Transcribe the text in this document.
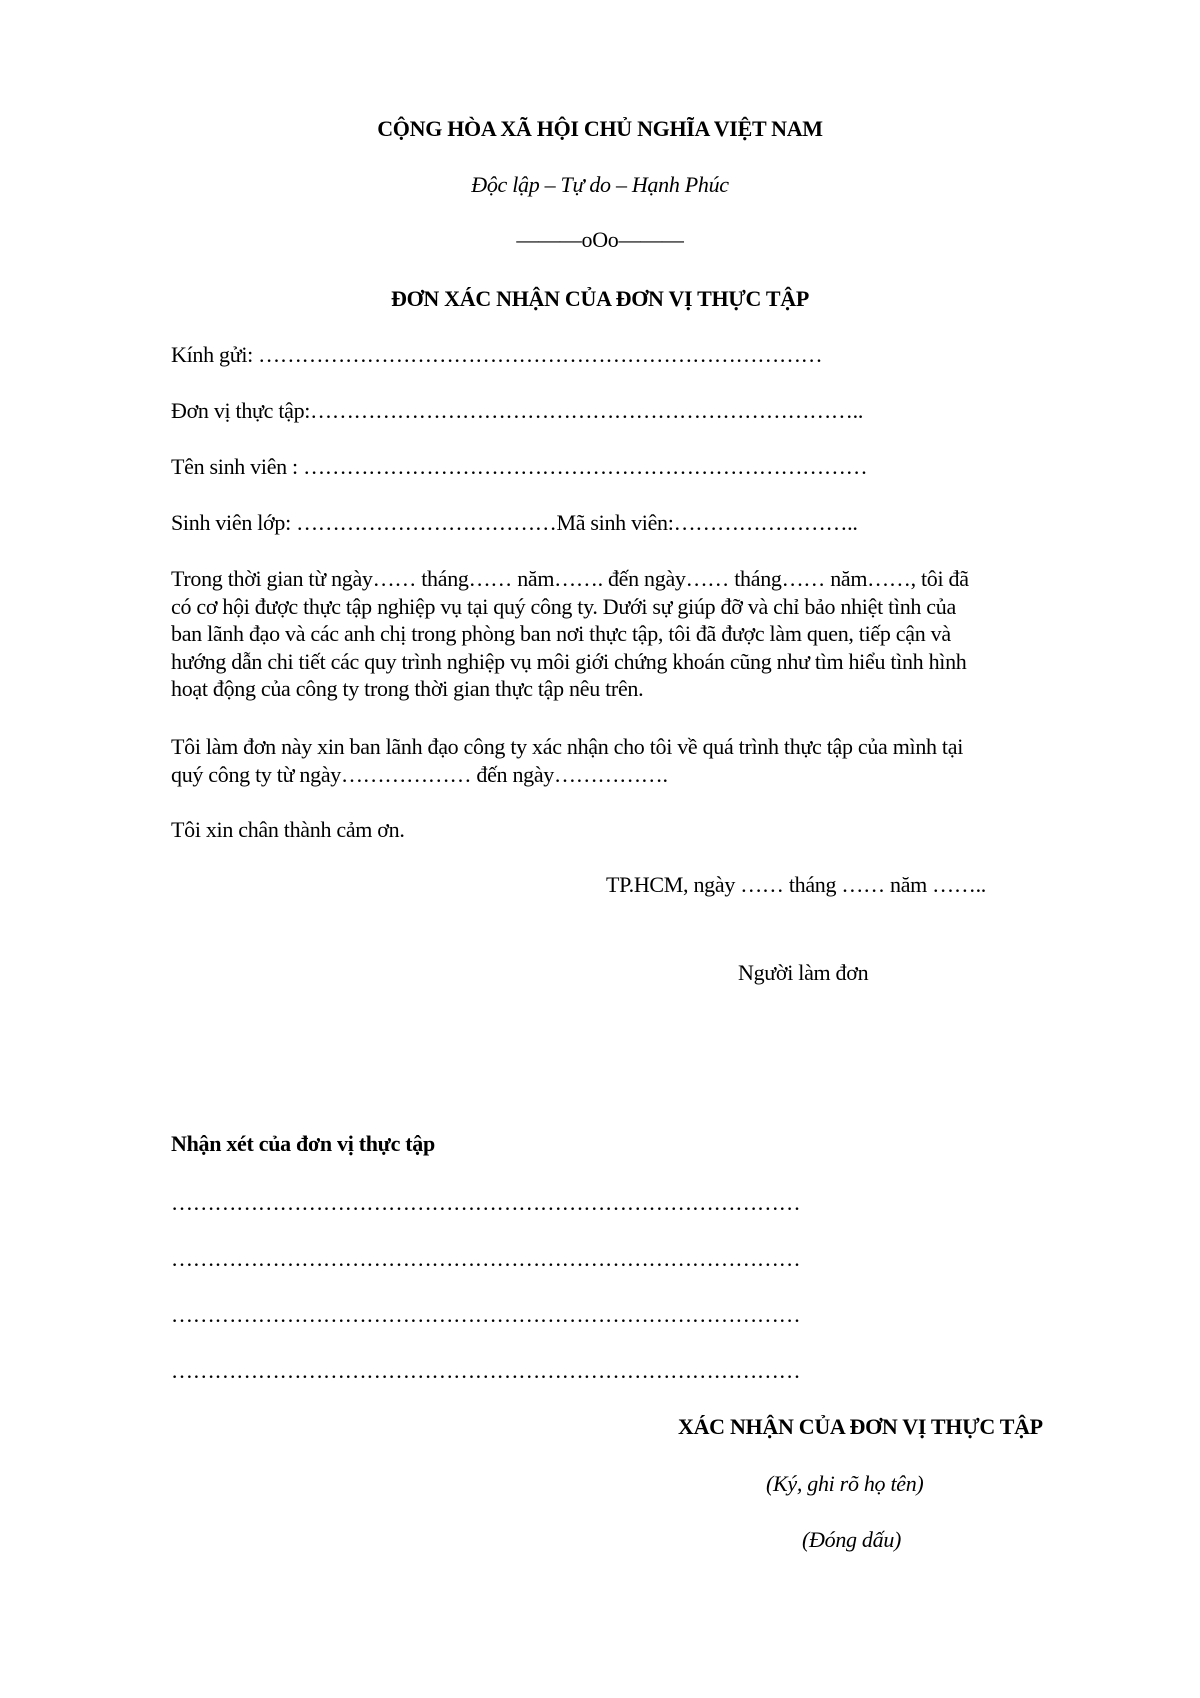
CỘNG HÒA XÃ HỘI CHỦ NGHĨA VIỆT NAM
Độc lập – Tự do – Hạnh Phúc
———oOo———
ĐƠN XÁC NHẬN CỦA ĐƠN VỊ THỰC TẬP
Kính gửi: ……………………………………………………………………
Đơn vị thực tập:…………………………………………………………………..
Tên sinh viên : ……………………………………………………………………
Sinh viên lớp: ………………………………Mã sinh viên:……………………..
Trong thời gian từ ngày…… tháng…… năm……. đến ngày…… tháng…… năm……, tôi đã
có cơ hội được thực tập nghiệp vụ tại quý công ty. Dưới sự giúp đỡ và chỉ bảo nhiệt tình của
ban lãnh đạo và các anh chị trong phòng ban nơi thực tập, tôi đã được làm quen, tiếp cận và
hướng dẫn chi tiết các quy trình nghiệp vụ môi giới chứng khoán cũng như tìm hiểu tình hình
hoạt động của công ty trong thời gian thực tập nêu trên.
Tôi làm đơn này xin ban lãnh đạo công ty xác nhận cho tôi về quá trình thực tập của mình tại
quý công ty từ ngày……………… đến ngày…………….
Tôi xin chân thành cảm ơn.
TP.HCM, ngày …… tháng …… năm ……..
Người làm đơn
Nhận xét của đơn vị thực tập
……………………………………………………………………………
……………………………………………………………………………
……………………………………………………………………………
……………………………………………………………………………
XÁC NHẬN CỦA ĐƠN VỊ THỰC TẬP
(Ký, ghi rõ họ tên)
(Đóng dấu)
